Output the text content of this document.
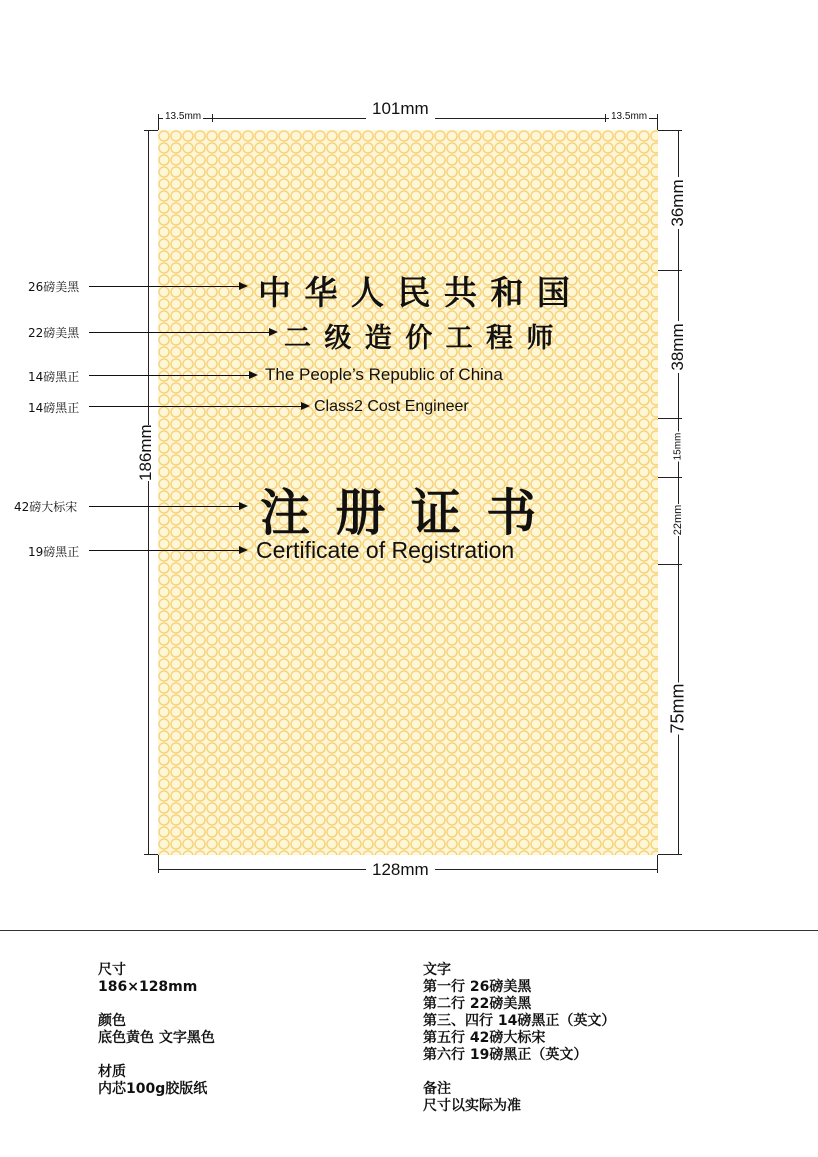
13.5mm	13.5mm
101mm
128mm
186mm
36mm
38mm
15mm
22mm
75mm
26磅美黑
22磅美黑
14磅黑正
14磅黑正
42磅大标宋
19磅黑正
中 华 人 民 共 和 国
二 级 造 价 工 程 师
The People’s Republic of China
Class2 Cost Engineer
注 册 证 书
Certificate of Registration
尺寸
186×128mm
颜色
底色黄色 文字黑色
材质
内芯100g胶版纸
文字
第一行 26磅美黑
第二行 22磅美黑
第三、四行 14磅黑正（英文）
第五行 42磅大标宋
第六行 19磅黑正（英文）
备注
尺寸以实际为准
